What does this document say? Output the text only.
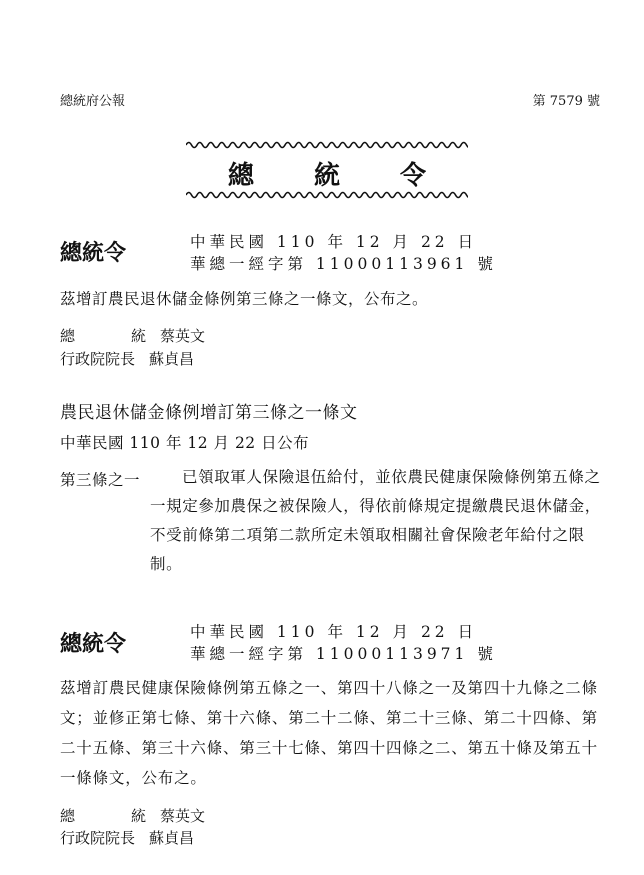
總統府公報	第 7579 號
總 統 令
總統令	中華民國 110 年 12 月 22 日
華總一經字第 11000113961 號
茲增訂農民退休儲金條例第三條之一條文，公布之。
總	統 蔡英文
行政院院長 蘇貞昌
農民退休儲金條例增訂第三條之一條文
中華民國 110 年 12 月 22 日公布
第三條之一	已領取軍人保險退伍給付，並依農民健康保險條例第五條之一規定參加農保之被保險人，得依前條規定提繳農民退休儲金，不受前條第二項第二款所定未領取相關社會保險老年給付之限制。
總統令	中華民國 110 年 12 月 22 日
華總一經字第 11000113971 號
茲增訂農民健康保險條例第五條之一、第四十八條之一及第四十九條之二條文；並修正第七條、第十六條、第二十二條、第二十三條、第二十四條、第二十五條、第三十六條、第三十七條、第四十四條之二、第五十條及第五十一條條文，公布之。
總	統 蔡英文
行政院院長 蘇貞昌
